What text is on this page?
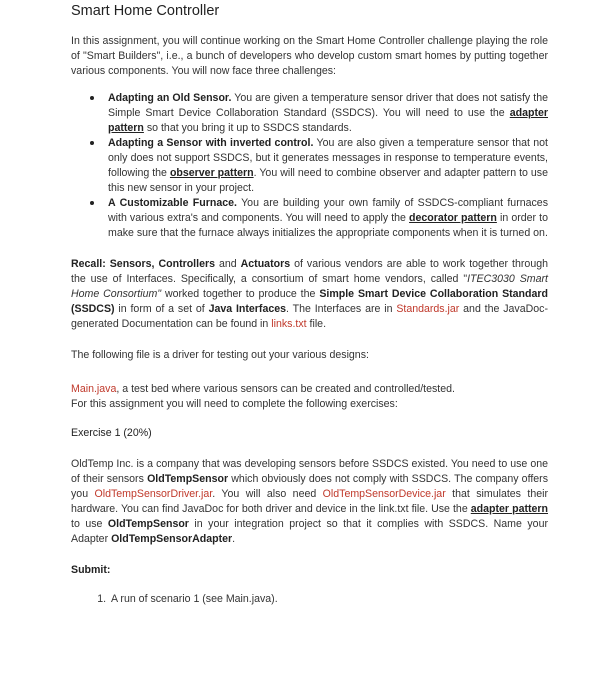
Smart Home Controller

In this assignment, you will continue working on the Smart Home Controller challenge playing the role of "Smart Builders", i.e., a bunch of developers who develop custom smart homes by putting together various components. You will now face three challenges:

Adapting an Old Sensor. You are given a temperature sensor driver that does not satisfy the Simple Smart Device Collaboration Standard (SSDCS). You will need to use the adapter pattern so that you bring it up to SSDCS standards.
Adapting a Sensor with inverted control. You are also given a temperature sensor that not only does not support SSDCS, but it generates messages in response to temperature events, following the observer pattern. You will need to combine observer and adapter pattern to use this new sensor in your project.
A Customizable Furnace. You are building your own family of SSDCS-compliant furnaces with various extra's and components. You will need to apply the decorator pattern in order to make sure that the furnace always initializes the appropriate components when it is turned on.

Recall: Sensors, Controllers and Actuators of various vendors are able to work together through the use of Interfaces. Specifically, a consortium of smart home vendors, called "ITEC3030 Smart Home Consortium" worked together to produce the Simple Smart Device Collaboration Standard (SSDCS) in form of a set of Java Interfaces. The Interfaces are in Standards.jar and the JavaDoc-generated Documentation can be found in links.txt file.

The following file is a driver for testing out your various designs:

Main.java, a test bed where various sensors can be created and controlled/tested.
For this assignment you will need to complete the following exercises:

Exercise 1 (20%)

OldTemp Inc. is a company that was developing sensors before SSDCS existed. You need to use one of their sensors OldTempSensor which obviously does not comply with SSDCS. The company offers you OldTempSensorDriver.jar. You will also need OldTempSensorDevice.jar that simulates their hardware. You can find JavaDoc for both driver and device in the link.txt file. Use the adapter pattern to use OldTempSensor in your integration project so that it complies with SSDCS. Name your Adapter OldTempSensorAdapter.

Submit:

1. A run of scenario 1 (see Main.java).
